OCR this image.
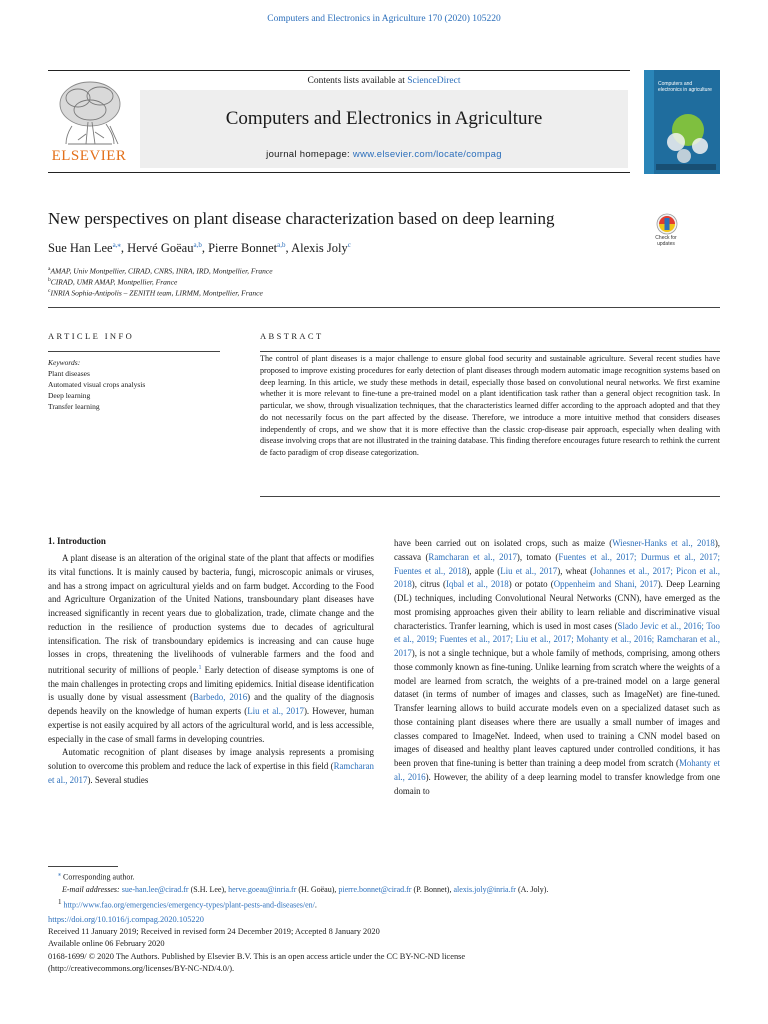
Computers and Electronics in Agriculture 170 (2020) 105220
Contents lists available at ScienceDirect
Computers and Electronics in Agriculture
journal homepage: www.elsevier.com/locate/compag
ELSEVIER
Computers and electronics in agriculture
New perspectives on plant disease characterization based on deep learning
Check for updates
Sue Han Lee$^{a,⁎}$, Hervé Goëau$^{a,b}$, Pierre Bonnet$^{a,b}$, Alexis Joly$^c$
$^a$AMAP, Univ Montpellier, CIRAD, CNRS, INRA, IRD, Montpellier, France
$^b$CIRAD, UMR AMAP, Montpellier, France
$^c$INRIA Sophia-Antipolis – ZENITH team, LIRMM, Montpellier, France
ARTICLE INFO
Keywords:
Plant diseases
Automated visual crops analysis
Deep learning
Transfer learning
ABSTRACT
The control of plant diseases is a major challenge to ensure global food security and sustainable agriculture. Several recent studies have proposed to improve existing procedures for early detection of plant diseases through modern automatic image recognition systems based on deep learning. In this article, we study these methods in detail, especially those based on convolutional neural networks. We first examine whether it is more relevant to fine-tune a pre-trained model on a plant identification task rather than a general object recognition task. In particular, we show, through visualization techniques, that the characteristics learned differ according to the approach adopted and that they do not necessarily focus on the part affected by the disease. Therefore, we introduce a more intuitive method that considers diseases independently of crops, and we show that it is more effective than the classic crop-disease pair approach, especially when dealing with disease involving crops that are not illustrated in the training database. This finding therefore encourages future research to rethink the current de facto paradigm of crop disease categorization.
1. Introduction

A plant disease is an alteration of the original state of the plant that affects or modifies its vital functions. It is mainly caused by bacteria, fungi, microscopic animals or viruses, and has a strong impact on agricultural yields and on farm budget. According to the Food and Agriculture Organization of the United Nations, transboundary plant diseases have increased significantly in recent years due to globalization, trade, climate change and the reduction in the resilience of production systems due to decades of agricultural intensification. The risk of transboundary epidemics is increasing and can cause huge losses in crops, threatening the livelihoods of vulnerable farmers and the food and nutritional security of millions of people.$^1$ Early detection of disease symptoms is one of the main challenges in protecting crops and limiting epidemics. Initial disease identification is usually done by visual assessment (Barbedo, 2016) and the quality of the diagnosis depends heavily on the knowledge of human experts (Liu et al., 2017). However, human expertise is not easily acquired by all actors of the agricultural world, and is less accessible, especially in the case of small farms in developing countries.

Automatic recognition of plant diseases by image analysis represents a promising solution to overcome this problem and reduce the lack of expertise in this field (Ramcharan et al., 2017). Several studies

have been carried out on isolated crops, such as maize (Wiesner-Hanks et al., 2018), cassava (Ramcharan et al., 2017), tomato (Fuentes et al., 2017; Durmus et al., 2017; Fuentes et al., 2018), apple (Liu et al., 2017), wheat (Johannes et al., 2017; Picon et al., 2018), citrus (Iqbal et al., 2018) or potato (Oppenheim and Shani, 2017). Deep Learning (DL) techniques, including Convolutional Neural Networks (CNN), have emerged as the most promising approaches given their ability to learn reliable and discriminative visual characteristics. Tranfer learning, which is used in most cases (Slado Jevic et al., 2016; Too et al., 2019; Fuentes et al., 2017; Liu et al., 2017; Mohanty et al., 2016; Ramcharan et al., 2017), is not a single technique, but a whole family of methods, comprising, among others those commonly known as fine-tuning. Unlike learning from scratch where the weights of a model are learned from scratch, the weights of a pre-trained model on a large general dataset (in terms of number of images and classes, such as ImageNet) are fine-tuned. Transfer learning allows to build accurate models even on a specialized dataset such as those containing plant diseases where there are usually a small number of images and classes compared to ImageNet. Indeed, when used to training a CNN model based on images of diseased and healthy plant leaves captured under controlled conditions, it has been proven that fine-tuning is better than training a deep model from scratch (Mohanty et al., 2016). However, the ability of a deep learning model to transfer knowledge from one domain to

⁎ Corresponding author.
E-mail addresses: sue-han.lee@cirad.fr (S.H. Lee), herve.goeau@inria.fr (H. Goëau), pierre.bonnet@cirad.fr (P. Bonnet), alexis.joly@inria.fr (A. Joly).
$^1$ http://www.fao.org/emergencies/emergency-types/plant-pests-and-diseases/en/.
https://doi.org/10.1016/j.compag.2020.105220
Received 11 January 2019; Received in revised form 24 December 2019; Accepted 8 January 2020
Available online 06 February 2020
0168-1699/ © 2020 The Authors. Published by Elsevier B.V. This is an open access article under the CC BY-NC-ND license
(http://creativecommons.org/licenses/BY-NC-ND/4.0/).
